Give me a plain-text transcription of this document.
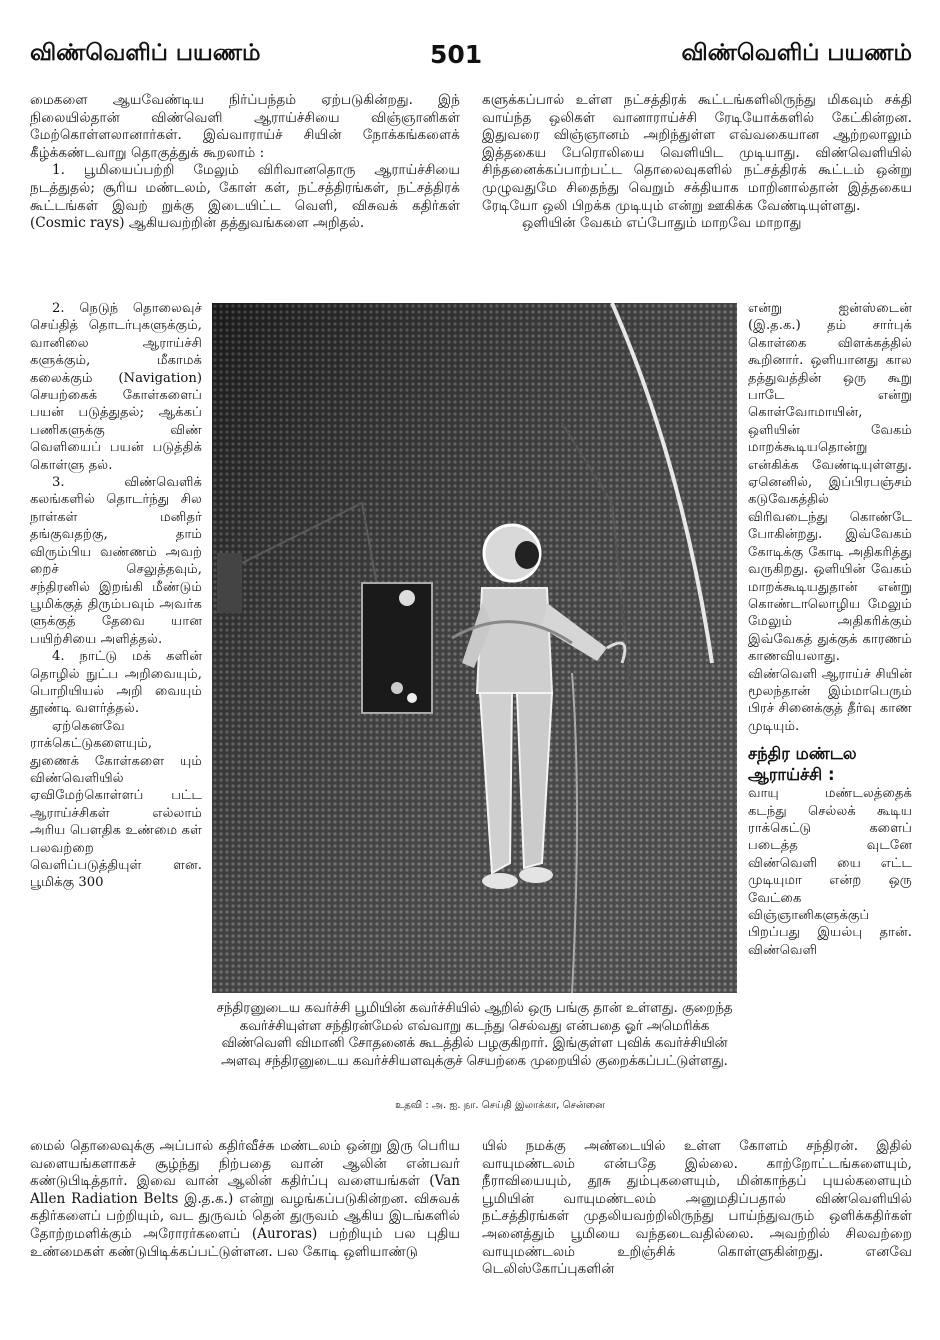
விண்வெளிப் பயணம்	501	விண்வெளிப் பயணம்

மைகளை ஆயவேண்டிய நிர்ப்பந்தம் ஏற்படுகின்றது. இந் நிலையில்தான் விண்வெளி ஆராய்ச்சியை விஞ்ஞானிகள் மேற்கொள்ளலானார்கள். இவ்வாராய்ச் சியின் நோக்கங்களைக் கீழ்க்கண்டவாறு தொகுத்துக் கூறலாம் :

1. பூமியைப்பற்றி மேலும் விரிவானதொரு ஆராய்ச்சியை நடத்துதல்; சூரிய மண்டலம், கோள் கள், நட்சத்திரங்கள், நட்சத்திரக் கூட்டங்கள் இவற் றுக்கு இடையிட்ட வெளி, விசுவக் கதிர்கள் (Cosmic rays) ஆகியவற்றின் தத்துவங்களை அறிதல்.

2. நெடுந் தொலைவுச் செய்தித் தொடர்புகளுக்கும், வானிலை ஆராய்ச்சி களுக்கும், மீகாமக் கலைக்கும் (Navigation) செயற்கைக் கோள்களைப் பயன் படுத்துதல்; ஆக்கப் பணிகளுக்கு விண் வெளியைப் பயன் படுத்திக் கொள்ளு தல்.

3. விண்வெளிக் கலங்களில் தொடர்ந்து சில நாள்கள் மனிதர் தங்குவதற்கு, தாம் விரும்பிய வண்ணம் அவற் றைச் செலுத்தவும், சந்திரனில் இறங்கி மீண்டும் பூமிக்குத் திரும்பவும் அவர்க ளுக்குத் தேவை யான பயிற்சியை அளித்தல்.

4. நாட்டு மக் களின் தொழில் நுட்ப அறிவையும், பொறியியல் அறி வையும் தூண்டி வளர்த்தல்.

ஏற்கெனவே ராக்கெட்டுகளையும், துணைக் கோள்களை யும் விண்வெளியில் ஏவிமேற்கொள்ளப் பட்ட ஆராய்ச்சிகள் எல்லாம் அரிய பௌதிக உண்மை கள் பலவற்றை வெளிப்படுத்தியுள் ளன. பூமிக்கு 300

களுக்கப்பால் உள்ள நட்சத்திரக் கூட்டங்களிலிருந்து மிகவும் சக்தி வாய்ந்த ஒலிகள் வானாராய்ச்சி ரேடியோக்களில் கேட்கின்றன. இதுவரை விஞ்ஞானம் அறிந்துள்ள எவ்வகையான ஆற்றலாலும் இத்தகைய பேரொலியை வெளியிட முடியாது. விண்வெளியில் சிந்தனைக்கப்பாற்பட்ட தொலைவுகளில் நட்சத்திரக் கூட்டம் ஒன்று முழுவதுமே சிதைந்து வெறும் சக்தியாக மாறினால்தான் இத்தகைய ரேடியோ ஒலி பிறக்க முடியும் என்று ஊகிக்க வேண்டியுள்ளது.

ஒளியின் வேகம் எப்போதும் மாறவே மாறாது

என்று ஐன்ஸ்டைன் (இ.த.க.) தம் சார்புக் கொள்கை விளக்கத்தில் கூறினார். ஒளியானது கால தத்துவத்தின் ஒரு கூறு பாடே என்று கொள்வோமாயின், ஒளியின் வேகம் மாறக்கூடியதொன்று என்கிக்க வேண்டியுள்ளது. ஏனெனில், இப்பிரபஞ்சம் கடுவேகத்தில் விரிவடைந்து கொண்டே போகின்றது. இவ்வேகம் கோடிக்கு கோடி அதிகரித்து வருகிறது. ஒளியின் வேகம் மாறக்கூடியதுதான் என்று கொண்டாலொழிய மேலும் மேலும் அதிகரிக்கும் இவ்வேகத் துக்குக் காரணம் காணவியலாது. விண்வெளி ஆராய்ச் சியின் மூலந்தான் இம்மாபெரும் பிரச் சினைக்குத் தீர்வு காண முடியும்.

சந்திர மண்டல ஆராய்ச்சி :

வாயு மண்டலத்தைக் கடந்து செல்லக் கூடிய ராக்கெட்டு களைப் படைத்த வுடனே விண்வெளி யை எட்ட முடியுமா என்ற ஒரு வேட்கை விஞ்ஞானிகளுக்குப் பிறப்பது இயல்பு தான். விண்வெளி

சந்திரனுடைய கவர்ச்சி பூமியின் கவர்ச்சியில் ஆறில் ஒரு பங்கு தான் உள்ளது. குறைந்த கவர்ச்சியுள்ள சந்திரன்மேல் எவ்வாறு கடந்து செல்வது என்பதை ஓர் அமெரிக்க விண்வெளி விமானி சோதனைக் கூடத்தில் பழகுகிறார். இங்குள்ள புவிக் கவர்ச்சியின் அளவு சந்திரனுடைய கவர்ச்சியளவுக்குச் செயற்கை முறையில் குறைக்கப்பட்டுள்ளது.
உதவி : அ. ஐ. நா. செய்தி இலாக்கா, சென்னை

மைல் தொலைவுக்கு அப்பால் கதிர்வீச்சு மண்டலம் ஒன்று இரு பெரிய வளையங்களாகச் சூழ்ந்து நிற்பதை வான் ஆலின் என்பவர் கண்டுபிடித்தார். இவை வான் ஆலின் கதிர்ப்பு வளையங்கள் (Van Allen Radiation Belts இ.த.க.) என்று வழங்கப்படுகின்றன. விசுவக் கதிர்களைப் பற்றியும், வட துருவம் தென் துருவம் ஆகிய இடங்களில் தோற்றமளிக்கும் அரோரர்களைப் (Auroras) பற்றியும் பல புதிய உண்மைகள் கண்டுபிடிக்கப்பட்டுள்ளன. பல கோடி ஒளியாண்டு

யில் நமக்கு அண்டையில் உள்ள கோளம் சந்திரன். இதில் வாயுமண்டலம் என்பதே இல்லை. காற்றோட்டங்களையும், நீராவியையும், தூசு தும்புகளையும், மின்காந்தப் புயல்களையும் பூமியின் வாயுமண்டலம் அனுமதிப்பதால் விண்வெளியில் நட்சத்திரங்கள் முதலியவற்றிலிருந்து பாய்ந்துவரும் ஒளிக்கதிர்கள் அனைத்தும் பூமியை வந்தடைவதில்லை. அவற்றில் சிலவற்றை வாயுமண்டலம் உறிஞ்சிக் கொள்ளுகின்றது. எனவே டெலிஸ்கோப்புகளின்
